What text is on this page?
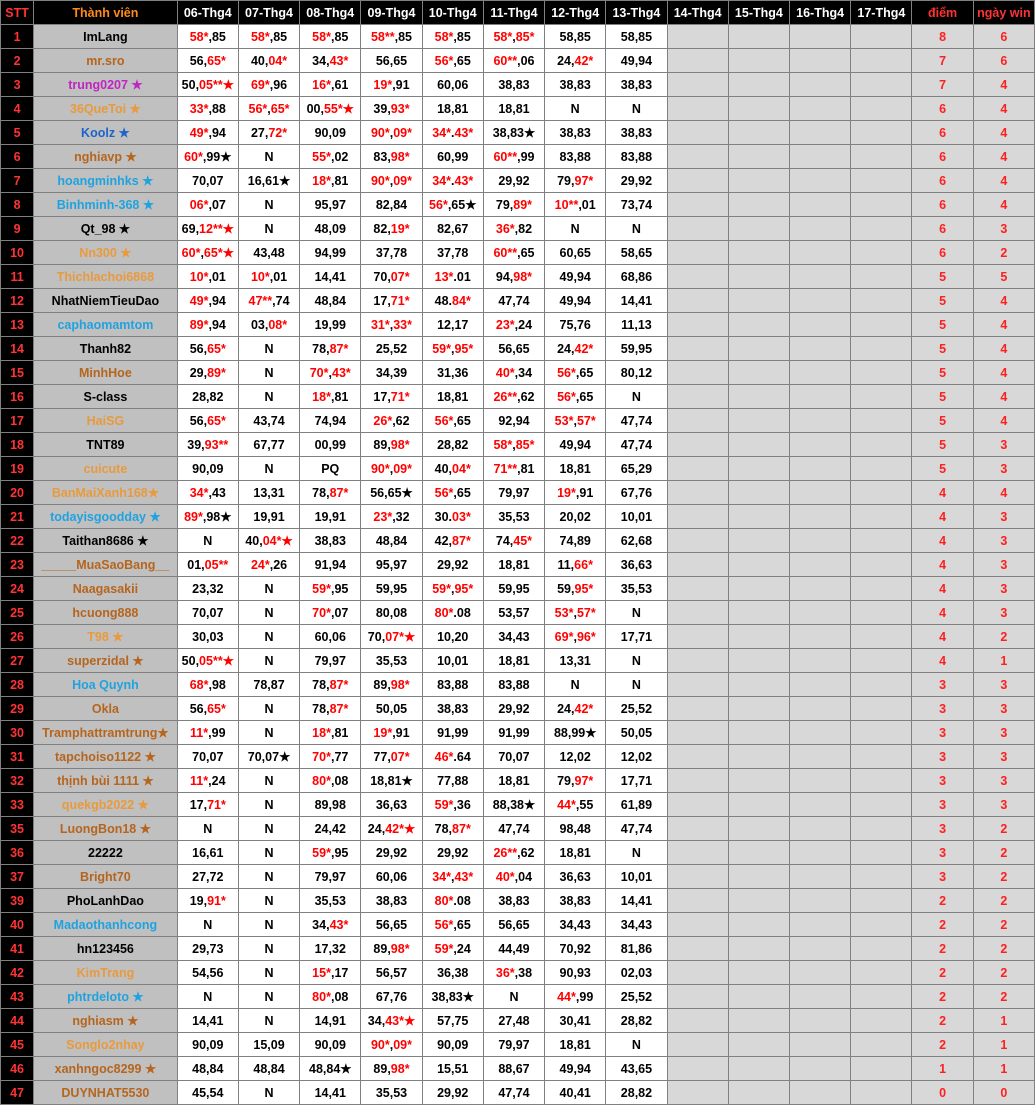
STT	Thành viên	06-Thg4	07-Thg4	08-Thg4	09-Thg4	10-Thg4	11-Thg4	12-Thg4	13-Thg4	14-Thg4	15-Thg4	16-Thg4	17-Thg4	điểm	ngày win
1	ImLang	58*,85	58*,85	58*,85	58**,85	58*,85	58*,85*	58,85	58,85					8	6
2	mr.sro	56,65*	40,04*	34,43*	56,65	56*,65	60**,06	24,42*	49,94					7	6
3	trung0207 ★	50,05**★	69*,96	16*,61	19*,91	60,06	38,83	38,83	38,83					7	4
4	36QueToi ★	33*,88	56*,65*	00,55*★	39,93*	18,81	18,81	N	N					6	4
5	Koolz ★	49*,94	27,72*	90,09	90*,09*	34*.43*	38,83★	38,83	38,83					6	4
6	nghiavp ★	60*,99★	N	55*,02	83,98*	60,99	60**,99	83,88	83,88					6	4
7	hoangminhks ★	70,07	16,61★	18*,81	90*,09*	34*.43*	29,92	79,97*	29,92					6	4
8	Binhminh-368 ★	06*,07	N	95,97	82,84	56*,65★	79,89*	10**,01	73,74					6	4
9	Qt_98 ★	69,12**★	N	48,09	82,19*	82,67	36*,82	N	N					6	3
10	Nn300 ★	60*,65*★	43,48	94,99	37,78	37,78	60**,65	60,65	58,65					6	2
11	Thichlachoi6868	10*,01	10*,01	14,41	70,07*	13*.01	94,98*	49,94	68,86					5	5
12	NhatNiemTieuDao	49*,94	47**,74	48,84	17,71*	48.84*	47,74	49,94	14,41					5	4
13	caphaomamtom	89*,94	03,08*	19,99	31*,33*	12,17	23*,24	75,76	11,13					5	4
14	Thanh82	56,65*	N	78,87*	25,52	59*,95*	56,65	24,42*	59,95					5	4
15	MinhHoe	29,89*	N	70*,43*	34,39	31,36	40*,34	56*,65	80,12					5	4
16	S-class	28,82	N	18*,81	17,71*	18,81	26**,62	56*,65	N					5	4
17	HaiSG	56,65*	43,74	74,94	26*,62	56*,65	92,94	53*,57*	47,74					5	4
18	TNT89	39,93**	67,77	00,99	89,98*	28,82	58*,85*	49,94	47,74					5	3
19	cuicute	90,09	N	PQ	90*,09*	40,04*	71**,81	18,81	65,29					5	3
20	BanMaiXanh168★	34*,43	13,31	78,87*	56,65★	56*,65	79,97	19*,91	67,76					4	4
21	todayisgoodday ★	89*,98★	19,91	19,91	23*,32	30.03*	35,53	20,02	10,01					4	3
22	Taithan8686 ★	N	40,04*★	38,83	48,84	42,87*	74,45*	74,89	62,68					4	3
23	_____MuaSaoBang__	01,05**	24*,26	91,94	95,97	29,92	18,81	11,66*	36,63					4	3
24	Naagasakii	23,32	N	59*,95	59,95	59*,95*	59,95	59,95*	35,53					4	3
25	hcuong888	70,07	N	70*,07	80,08	80*.08	53,57	53*,57*	N					4	3
26	T98 ★	30,03	N	60,06	70,07*★	10,20	34,43	69*,96*	17,71					4	2
27	superzidal ★	50,05**★	N	79,97	35,53	10,01	18,81	13,31	N					4	1
28	Hoa Quynh	68*,98	78,87	78,87*	89,98*	83,88	83,88	N	N					3	3
29	Okla	56,65*	N	78,87*	50,05	38,83	29,92	24,42*	25,52					3	3
30	Tramphattramtrung★	11*,99	N	18*,81	19*,91	91,99	91,99	88,99★	50,05					3	3
31	tapchoiso1122 ★	70,07	70,07★	70*,77	77,07*	46*.64	70,07	12,02	12,02					3	3
32	thịnh bùi 1111 ★	11*,24	N	80*,08	18,81★	77,88	18,81	79,97*	17,71					3	3
33	quekgb2022 ★	17,71*	N	89,98	36,63	59*,36	88,38★	44*,55	61,89					3	3
35	LuongBon18 ★	N	N	24,42	24,42*★	78,87*	47,74	98,48	47,74					3	2
36	22222	16,61	N	59*,95	29,92	29,92	26**,62	18,81	N					3	2
37	Bright70	27,72	N	79,97	60,06	34*,43*	40*,04	36,63	10,01					3	2
39	PhoLanhDao	19,91*	N	35,53	38,83	80*.08	38,83	38,83	14,41					2	2
40	Madaothanhcong	N	N	34,43*	56,65	56*,65	56,65	34,43	34,43					2	2
41	hn123456	29,73	N	17,32	89,98*	59*,24	44,49	70,92	81,86					2	2
42	KimTrang	54,56	N	15*,17	56,57	36,38	36*,38	90,93	02,03					2	2
43	phtrdeloto ★	N	N	80*,08	67,76	38,83★	N	44*,99	25,52					2	2
44	nghiasm ★	14,41	N	14,91	34,43*★	57,75	27,48	30,41	28,82					2	1
45	Songlo2nhay	90,09	15,09	90,09	90*,09*	90,09	79,97	18,81	N					2	1
46	xanhngoc8299 ★	48,84	48,84	48,84★	89,98*	15,51	88,67	49,94	43,65					1	1
47	DUYNHAT5530	45,54	N	14,41	35,53	29,92	47,74	40,41	28,82					0	0
